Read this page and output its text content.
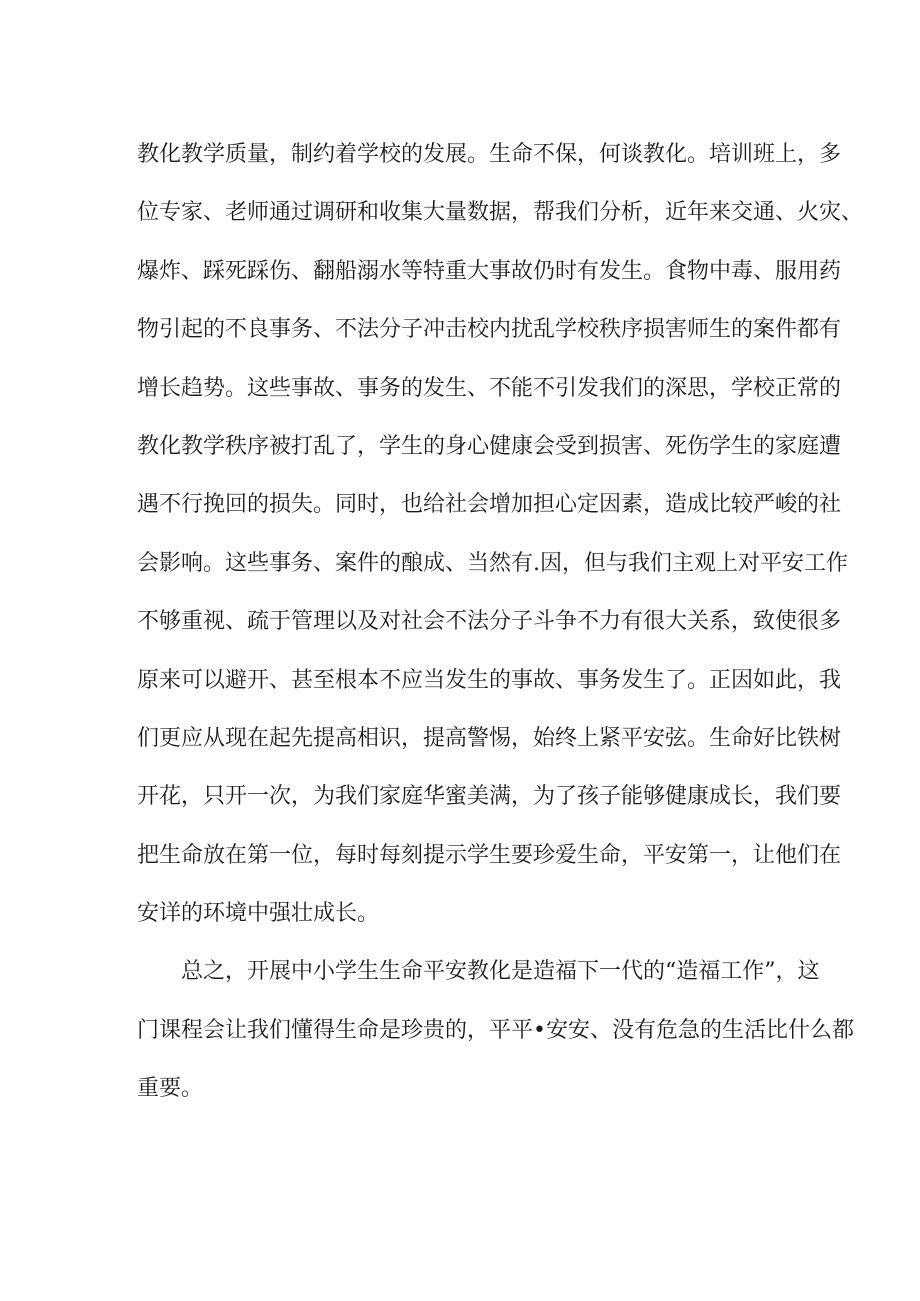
教化教学质量，制约着学校的发展。生命不保，何谈教化。培训班上，多
位专家、老师通过调研和收集大量数据，帮我们分析，近年来交通、火灾、
爆炸、踩死踩伤、翻船溺水等特重大事故仍时有发生。食物中毒、服用药
物引起的不良事务、不法分子冲击校内扰乱学校秩序损害师生的案件都有
增长趋势。这些事故、事务的发生、不能不引发我们的深思，学校正常的
教化教学秩序被打乱了，学生的身心健康会受到损害、死伤学生的家庭遭
遇不行挽回的损失。同时，也给社会增加担心定因素，造成比较严峻的社
会影响。这些事务、案件的酿成、当然有.因，但与我们主观上对平安工作
不够重视、疏于管理以及对社会不法分子斗争不力有很大关系，致使很多
原来可以避开、甚至根本不应当发生的事故、事务发生了。正因如此，我
们更应从现在起先提高相识，提高警惕，始终上紧平安弦。生命好比铁树
开花，只开一次，为我们家庭华蜜美满，为了孩子能够健康成长，我们要
把生命放在第一位，每时每刻提示学生要珍爱生命，平安第一，让他们在
安详的环境中强壮成长。
总之，开展中小学生生命平安教化是造福下一代的“造福工作”，这
门课程会让我们懂得生命是珍贵的，平平•安安、没有危急的生活比什么都
重要。
